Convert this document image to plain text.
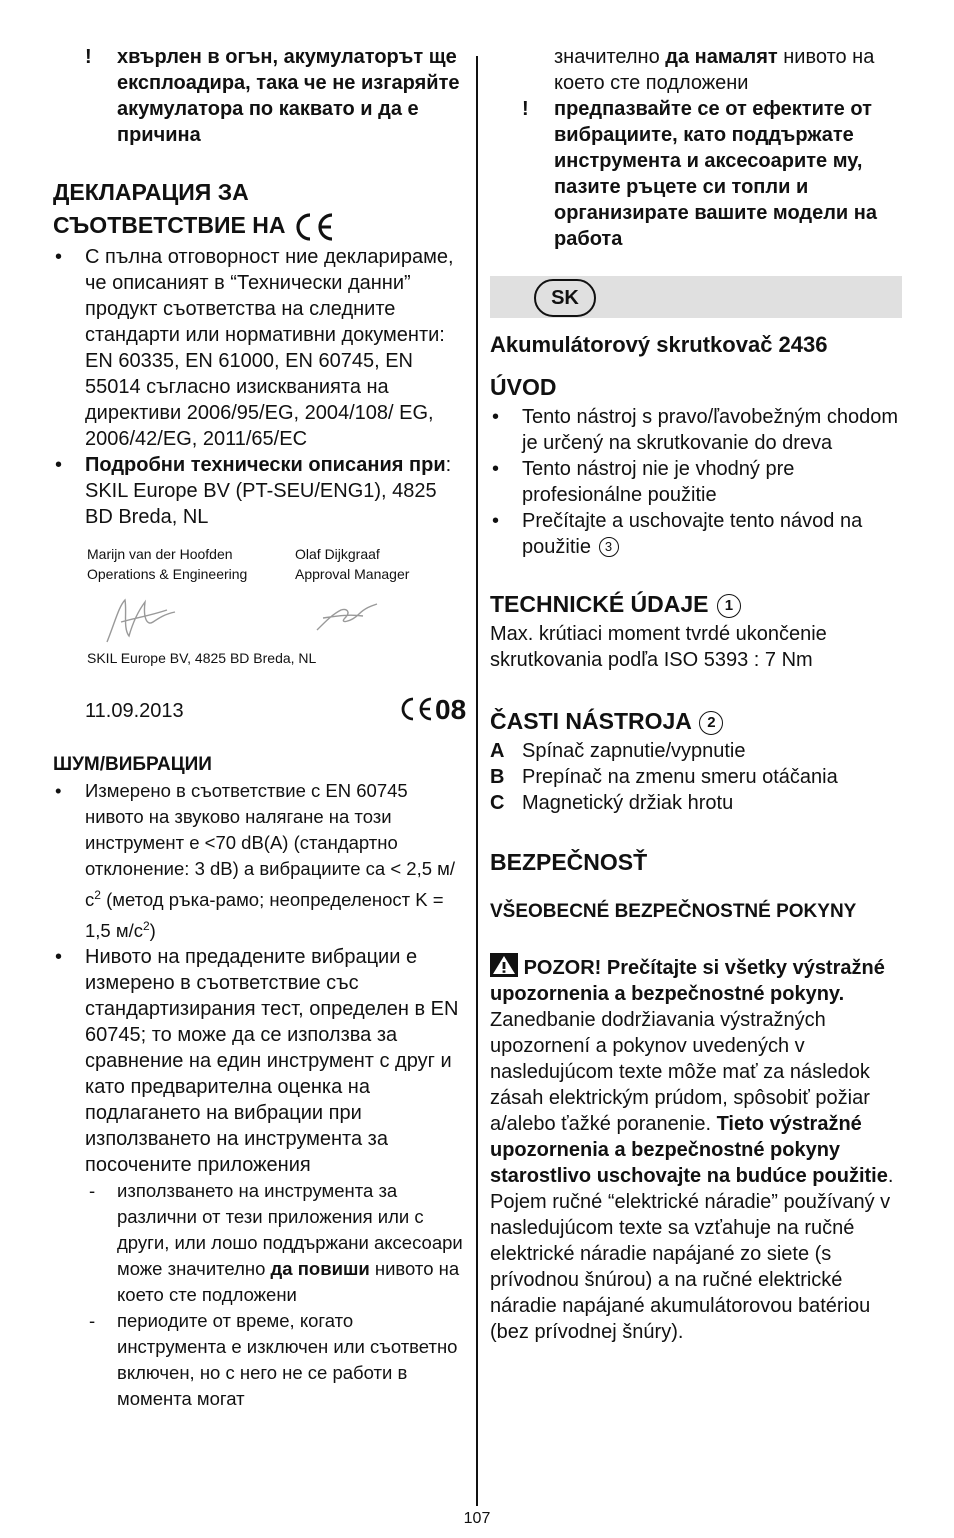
! хвърлен в огън, акумулаторът ще експлоадира, така че не изгаряйте акумулатора по каквато и да е причина
ДЕКЛАРАЦИЯ ЗА
СЪОТВЕТСТВИЕ НА
• С пълна отговорност ние декларираме, че описаният в “Технически данни” продукт съответства на следните стандарти или нормативни документи: EN 60335, EN 61000, EN 60745, EN 55014 съгласно изискванията на директиви 2006/95/EG, 2004/108/ EG, 2006/42/EG, 2011/65/EC
• Подробни технически описания при: SKIL Europe BV (PT-SEU/ENG1), 4825 BD Breda, NL
Marijn van der Hoofden
Operations & Engineering
Olaf Dijkgraaf
Approval Manager
SKIL Europe BV, 4825 BD Breda, NL
11.09.2013	08
ШУМ/ВИБРАЦИИ
• Измерено в съответствие с EN 60745 нивото на звуково налягане на този инструмент е <70 dB(A) (стандартно отклонение: 3 dB) а вибрациите са < 2,5 $м/с^2$ (метод ръка-рамо; неопределеност K = 1,5 $м/с^2$)
• Нивото на предадените вибрации е измерено в съответствие със стандартизирания тест, определен в EN 60745; то може да се използва за сравнение на един инструмент с друг и като предварителна оценка на подлагането на вибрации при използването на инструмента за посочените приложения
- използването на инструмента за различни от тези приложения или с други, или лошо поддържани аксесоари може значително да повиши нивото на което сте подложени
- периодите от време, когато инструмента е изключен или съответно включен, но с него не се работи в момента могат
значително да намалят нивото на което сте подложени
! предпазвайте се от ефектите от вибрациите, като поддържате инструмента и аксесоарите му, пазите ръцете си топли и организирате вашите модели на работа
SK
Akumulátorový skrutkovač 2436
ÚVOD
• Tento nástroj s pravo/ľavobežným chodom je určený na skrutkovanie do dreva
• Tento nástroj nie je vhodný pre profesionálne použitie
• Prečítajte a uschovajte tento návod na použitie 3
TECHNICKÉ ÚDAJE 1
Max. krútiaci moment tvrdé ukončenie skrutkovania podľa ISO 5393 : 7 Nm
ČASTI NÁSTROJA 2
A Spínač zapnutie/vypnutie
B Prepínač na zmenu smeru otáčania
C Magnetický držiak hrotu
BEZPEČNOSŤ
VŠEOBECNÉ BEZPEČNOSTNÉ POKYNY
POZOR! Prečítajte si všetky výstražné upozornenia a bezpečnostné pokyny. Zanedbanie dodržiavania výstražných upozornení a pokynov uvedených v nasledujúcom texte môže mať za následok zásah elektrickým prúdom, spôsobiť požiar a/alebo ťažké poranenie. Tieto výstražné upozornenia a bezpečnostné pokyny starostlivo uschovajte na budúce použitie. Pojem ručné “elektrické náradie” používaný v nasledujúcom texte sa vzťahuje na ručné elektrické náradie napájané zo siete (s prívodnou šnúrou) a na ručné elektrické náradie napájané akumulátorovou batériou (bez prívodnej šnúry).
107
